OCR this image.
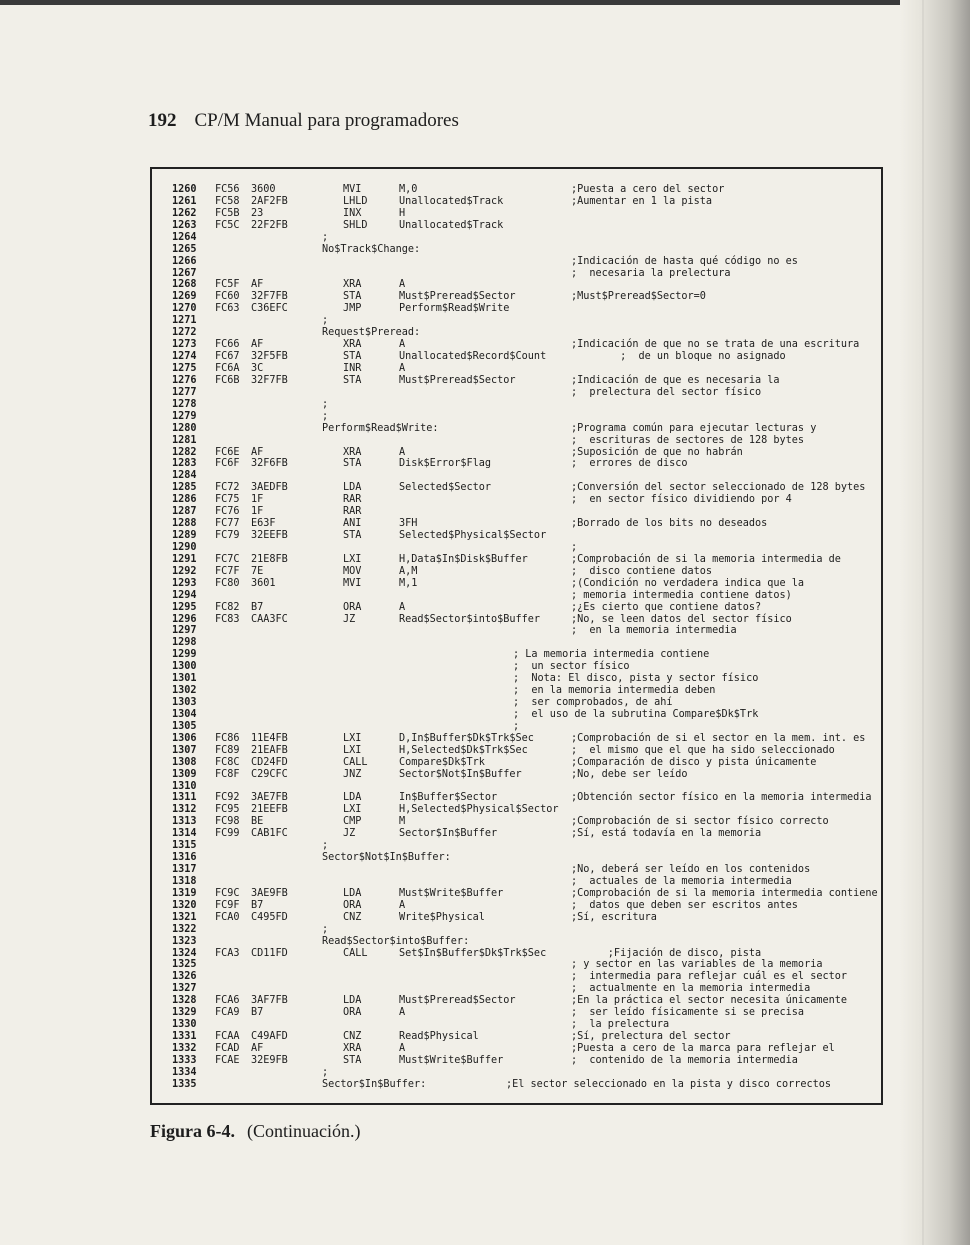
192 CP/M Manual para programadores
1260 FC56 3600	MVI	M,0	;Puesta a cero del sector
1261 FC58 2AF2FB	LHLD	Unallocated$Track	;Aumentar en 1 la pista
1262 FC5B 23	INX	H
1263 FC5C 22F2FB	SHLD	Unallocated$Track
1264	;
1265	No$Track$Change:
1266	;Indicación de hasta qué código no es
1267	;  necesaria la prelectura
1268 FC5F AF	XRA	A
1269 FC60 32F7FB	STA	Must$Preread$Sector	;Must$Preread$Sector=0
1270 FC63 C36EFC	JMP	Perform$Read$Write
1271	;
1272	Request$Preread:
1273 FC66 AF	XRA	A	;Indicación de que no se trata de una escritura
1274 FC67 32F5FB	STA	Unallocated$Record$Count ;  de un bloque no asignado
1275 FC6A 3C	INR	A
1276 FC6B 32F7FB	STA	Must$Preread$Sector	;Indicación de que es necesaria la
1277	;  prelectura del sector físico
1278	;
1279	;
1280	Perform$Read$Write:	;Programa común para ejecutar lecturas y
1281	;  escrituras de sectores de 128 bytes
1282 FC6E AF	XRA	A	;Suposición de que no habrán
1283 FC6F 32F6FB	STA	Disk$Error$Flag	;  errores de disco
1284
1285 FC72 3AEDFB	LDA	Selected$Sector	;Conversión del sector seleccionado de 128 bytes
1286 FC75 1F	RAR	;  en sector físico dividiendo por 4
1287 FC76 1F	RAR
1288 FC77 E63F	ANI	3FH	;Borrado de los bits no deseados
1289 FC79 32EEFB	STA	Selected$Physical$Sector
1290	;
1291 FC7C 21E8FB	LXI	H,Data$In$Disk$Buffer	;Comprobación de si la memoria intermedia de
1292 FC7F 7E	MOV	A,M	;  disco contiene datos
1293 FC80 3601	MVI	M,1	;(Condición no verdadera indica que la
1294	; memoria intermedia contiene datos)
1295 FC82 B7	ORA	A	;¿Es cierto que contiene datos?
1296 FC83 CAA3FC	JZ	Read$Sector$into$Buffer	;No, se leen datos del sector físico
1297	;  en la memoria intermedia
1298
1299	; La memoria intermedia contiene
1300	;  un sector físico
1301	;  Nota: El disco, pista y sector físico
1302	;  en la memoria intermedia deben
1303	;  ser comprobados, de ahí
1304	;  el uso de la subrutina Compare$Dk$Trk
1305	;
1306 FC86 11E4FB	LXI	D,In$Buffer$Dk$Trk$Sec	;Comprobación de si el sector en la mem. int. es
1307 FC89 21EAFB	LXI	H,Selected$Dk$Trk$Sec	;  el mismo que el que ha sido seleccionado
1308 FC8C CD24FD	CALL	Compare$Dk$Trk	;Comparación de disco y pista únicamente
1309 FC8F C29CFC	JNZ	Sector$Not$In$Buffer	;No, debe ser leído
1310
1311 FC92 3AE7FB	LDA	In$Buffer$Sector	;Obtención sector físico en la memoria intermedia
1312 FC95 21EEFB	LXI	H,Selected$Physical$Sector
1313 FC98 BE	CMP	M	;Comprobación de si sector físico correcto
1314 FC99 CAB1FC	JZ	Sector$In$Buffer	;Sí, está todavía en la memoria
1315	;
1316	Sector$Not$In$Buffer:
1317	;No, deberá ser leído en los contenidos
1318	;  actuales de la memoria intermedia
1319 FC9C 3AE9FB	LDA	Must$Write$Buffer	;Comprobación de si la memoria intermedia contiene
1320 FC9F B7	ORA	A	;  datos que deben ser escritos antes
1321 FCA0 C495FD	CNZ	Write$Physical	;Sí, escritura
1322	;
1323	Read$Sector$into$Buffer:
1324 FCA3 CD11FD	CALL	Set$In$Buffer$Dk$Trk$Sec ;Fijación de disco, pista
1325	; y sector en las variables de la memoria
1326	;  intermedia para reflejar cuál es el sector
1327	;  actualmente en la memoria intermedia
1328 FCA6 3AF7FB	LDA	Must$Preread$Sector	;En la práctica el sector necesita únicamente
1329 FCA9 B7	ORA	A	;  ser leído físicamente si se precisa
1330	;  la prelectura
1331 FCAA C49AFD	CNZ	Read$Physical	;Sí, prelectura del sector
1332 FCAD AF	XRA	A	;Puesta a cero de la marca para reflejar el
1333 FCAE 32E9FB	STA	Must$Write$Buffer	;  contenido de la memoria intermedia
1334	;
1335	Sector$In$Buffer:	;El sector seleccionado en la pista y disco correctos
Figura 6-4. (Continuación.)
